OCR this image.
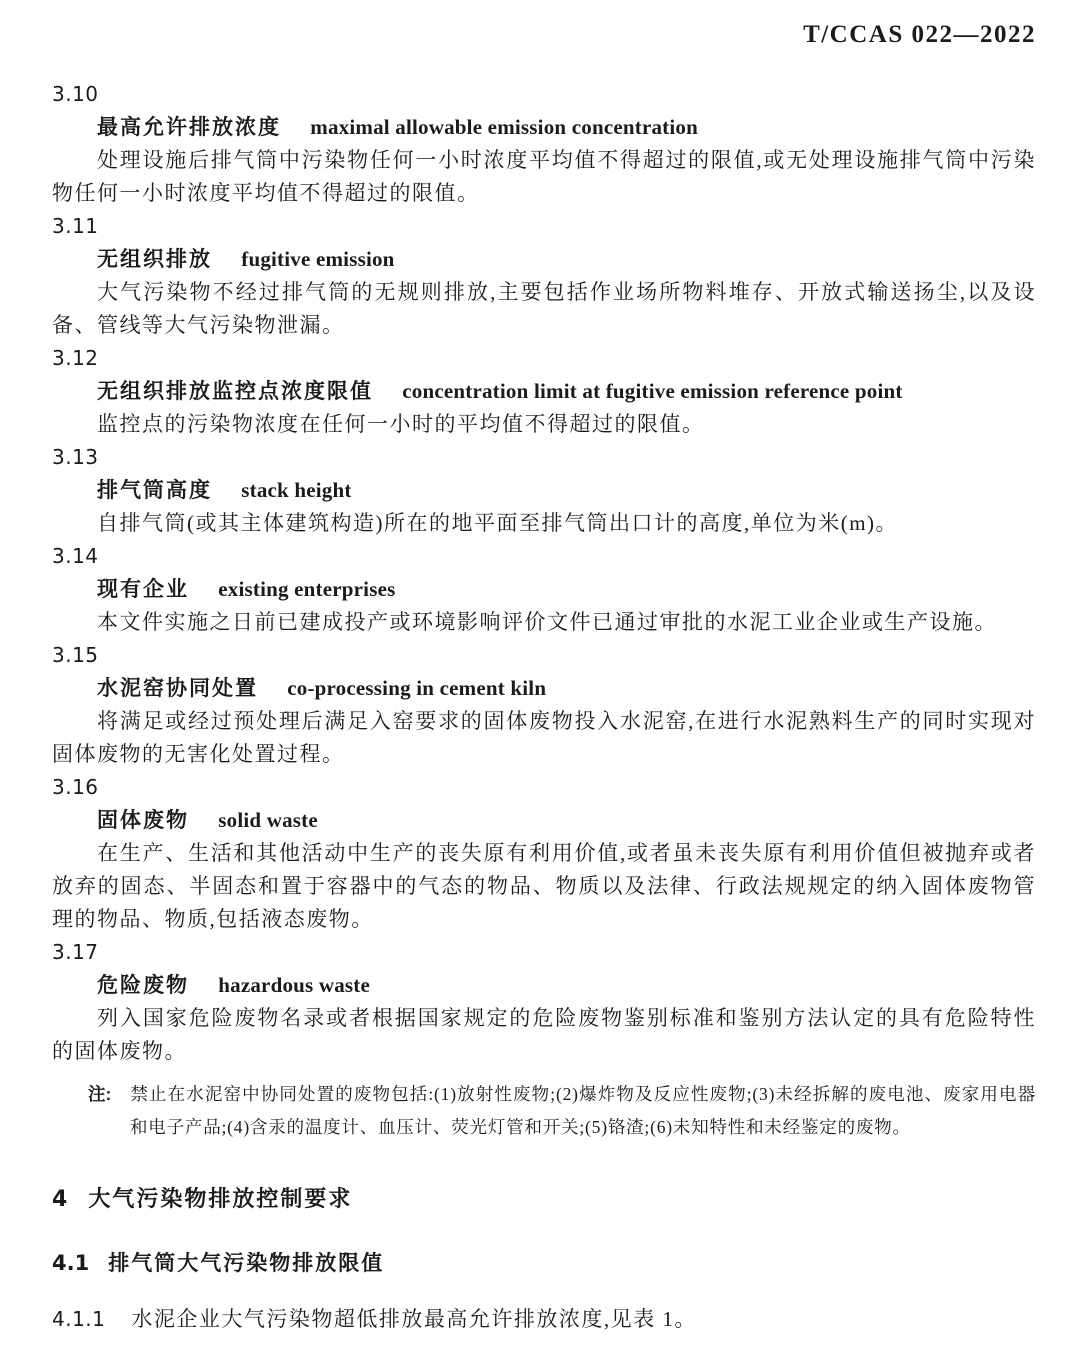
T/CCAS 022—2022
3.10
最高允许排放浓度 maximal allowable emission concentration

处理设施后排气筒中污染物任何一小时浓度平均值不得超过的限值,或无处理设施排气筒中污染物任何一小时浓度平均值不得超过的限值。

3.11
无组织排放 fugitive emission

大气污染物不经过排气筒的无规则排放,主要包括作业场所物料堆存、开放式输送扬尘,以及设备、管线等大气污染物泄漏。

3.12
无组织排放监控点浓度限值 concentration limit at fugitive emission reference point

监控点的污染物浓度在任何一小时的平均值不得超过的限值。

3.13
排气筒高度 stack height

自排气筒(或其主体建筑构造)所在的地平面至排气筒出口计的高度,单位为米(m)。

3.14
现有企业 existing enterprises

本文件实施之日前已建成投产或环境影响评价文件已通过审批的水泥工业企业或生产设施。

3.15
水泥窑协同处置 co-processing in cement kiln

将满足或经过预处理后满足入窑要求的固体废物投入水泥窑,在进行水泥熟料生产的同时实现对固体废物的无害化处置过程。

3.16
固体废物 solid waste

在生产、生活和其他活动中生产的丧失原有利用价值,或者虽未丧失原有利用价值但被抛弃或者放弃的固态、半固态和置于容器中的气态的物品、物质以及法律、行政法规规定的纳入固体废物管理的物品、物质,包括液态废物。

3.17
危险废物 hazardous waste

列入国家危险废物名录或者根据国家规定的危险废物鉴别标准和鉴别方法认定的具有危险特性的固体废物。

注: 禁止在水泥窑中协同处置的废物包括:(1)放射性废物;(2)爆炸物及反应性废物;(3)未经拆解的废电池、废家用电器和电子产品;(4)含汞的温度计、血压计、荧光灯管和开关;(5)铬渣;(6)未知特性和未经鉴定的废物。

4 大气污染物排放控制要求
4.1 排气筒大气污染物排放限值

4.1.1 水泥企业大气污染物超低排放最高允许排放浓度,见表 1。
